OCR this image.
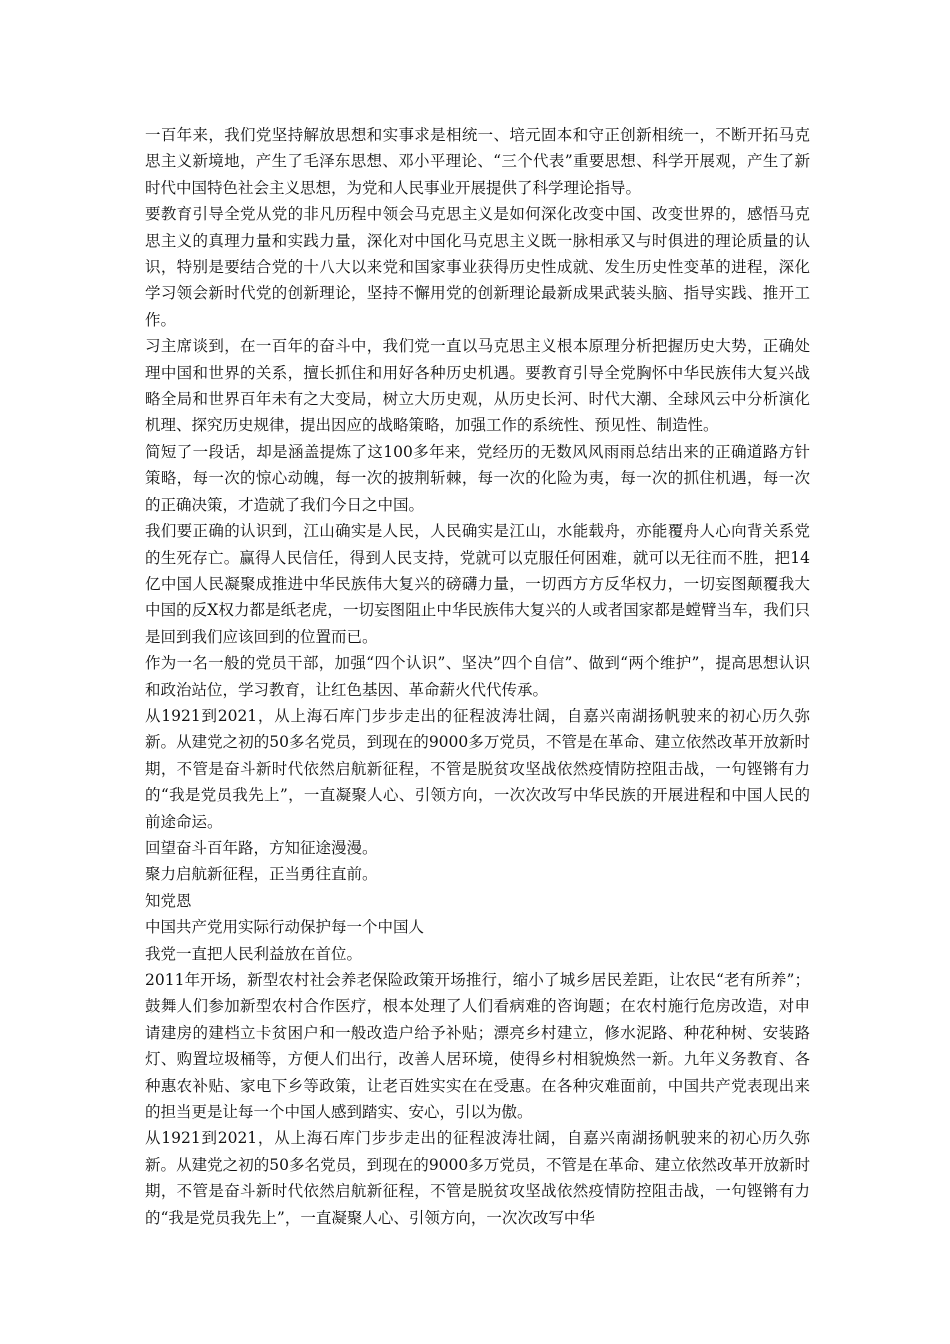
一百年来，我们党坚持解放思想和实事求是相统一、培元固本和守正创新相统一，不断开拓马克思主义新境地，产生了毛泽东思想、邓小平理论、“三个代表”重要思想、科学开展观，产生了新时代中国特色社会主义思想，为党和人民事业开展提供了科学理论指导。

要教育引导全党从党的非凡历程中领会马克思主义是如何深化改变中国、改变世界的，感悟马克思主义的真理力量和实践力量，深化对中国化马克思主义既一脉相承又与时俱进的理论质量的认识，特别是要结合党的十八大以来党和国家事业获得历史性成就、发生历史性变革的进程，深化学习领会新时代党的创新理论，坚持不懈用党的创新理论最新成果武装头脑、指导实践、推开工作。

习主席谈到，在一百年的奋斗中，我们党一直以马克思主义根本原理分析把握历史大势，正确处理中国和世界的关系，擅长抓住和用好各种历史机遇。要教育引导全党胸怀中华民族伟大复兴战略全局和世界百年未有之大变局，树立大历史观，从历史长河、时代大潮、全球风云中分析演化机理、探究历史规律，提出因应的战略策略，加强工作的系统性、预见性、制造性。

简短了一段话，却是涵盖提炼了这100多年来，党经历的无数风风雨雨总结出来的正确道路方针策略，每一次的惊心动魄，每一次的披荆斩棘，每一次的化险为夷，每一次的抓住机遇，每一次的正确决策，才造就了我们今日之中国。

我们要正确的认识到，江山确实是人民，人民确实是江山，水能载舟，亦能覆舟人心向背关系党的生死存亡。赢得人民信任，得到人民支持，党就可以克服任何困难，就可以无往而不胜，把14亿中国人民凝聚成推进中华民族伟大复兴的磅礴力量，一切西方方反华权力，一切妄图颠覆我大中国的反X权力都是纸老虎，一切妄图阻止中华民族伟大复兴的人或者国家都是螳臂当车，我们只是回到我们应该回到的位置而已。

作为一名一般的党员干部，加强“四个认识”、坚决”四个自信”、做到“两个维护”，提高思想认识和政治站位，学习教育，让红色基因、革命薪火代代传承。

从1921到2021，从上海石库门步步走出的征程波涛壮阔，自嘉兴南湖扬帆驶来的初心历久弥新。从建党之初的50多名党员，到现在的9000多万党员，不管是在革命、建立依然改革开放新时期，不管是奋斗新时代依然启航新征程，不管是脱贫攻坚战依然疫情防控阻击战，一句铿锵有力的“我是党员我先上”，一直凝聚人心、引领方向，一次次改写中华民族的开展进程和中国人民的前途命运。

回望奋斗百年路，方知征途漫漫。

聚力启航新征程，正当勇往直前。

知党恩

中国共产党用实际行动保护每一个中国人

我党一直把人民利益放在首位。

2011年开场，新型农村社会养老保险政策开场推行，缩小了城乡居民差距，让农民“老有所养”；鼓舞人们参加新型农村合作医疗，根本处理了人们看病难的咨询题；在农村施行危房改造，对申请建房的建档立卡贫困户和一般改造户给予补贴；漂亮乡村建立，修水泥路、种花种树、安装路灯、购置垃圾桶等，方便人们出行，改善人居环境，使得乡村相貌焕然一新。九年义务教育、各种惠农补贴、家电下乡等政策，让老百姓实实在在受惠。在各种灾难面前，中国共产党表现出来的担当更是让每一个中国人感到踏实、安心，引以为傲。

从1921到2021，从上海石库门步步走出的征程波涛壮阔，自嘉兴南湖扬帆驶来的初心历久弥新。从建党之初的50多名党员，到现在的9000多万党员，不管是在革命、建立依然改革开放新时期，不管是奋斗新时代依然启航新征程，不管是脱贫攻坚战依然疫情防控阻击战，一句铿锵有力的“我是党员我先上”，一直凝聚人心、引领方向，一次次改写中华
